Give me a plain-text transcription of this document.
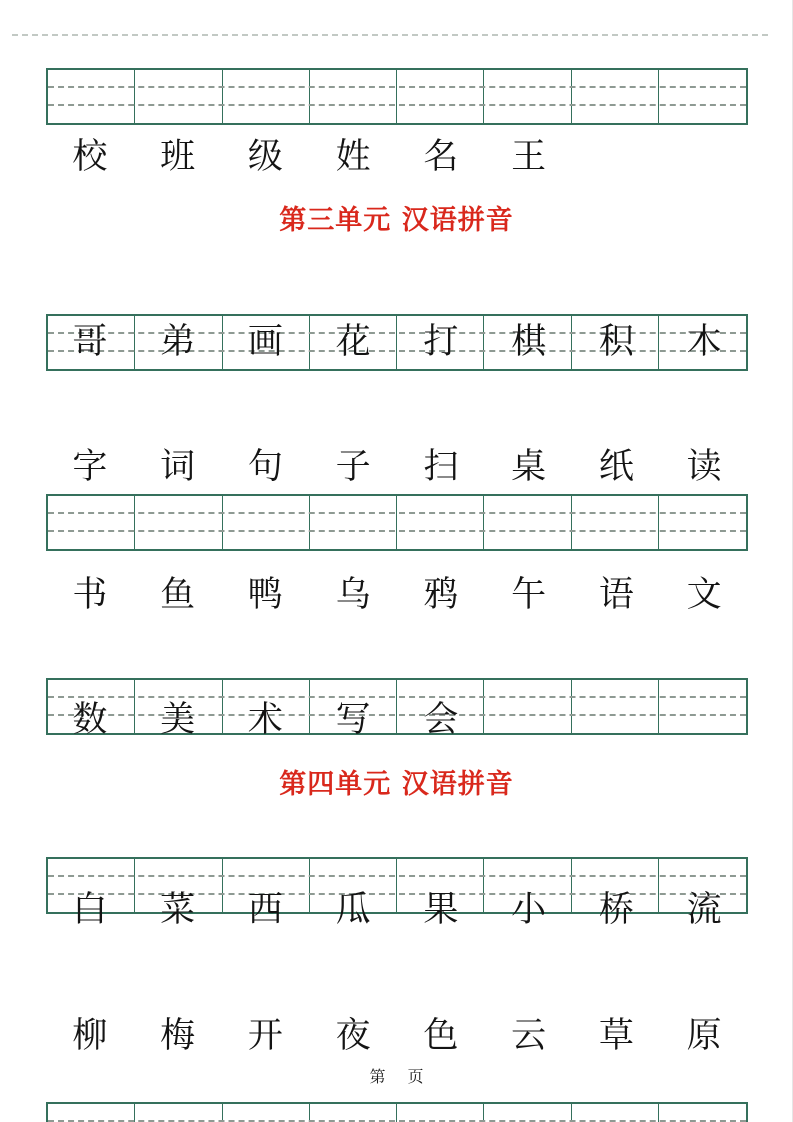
校	班	级	姓	名	王
第三单元 汉语拼音
哥	弟	画	花	打	棋	积	木
字	词	句	子	扫	桌	纸	读
书	鱼	鸭	乌	鸦	午	语	文
数	美	术	写	会
第四单元 汉语拼音
白	菜	西	瓜	果	小	桥	流
柳	梅	开	夜	色	云	草	原
第 页
